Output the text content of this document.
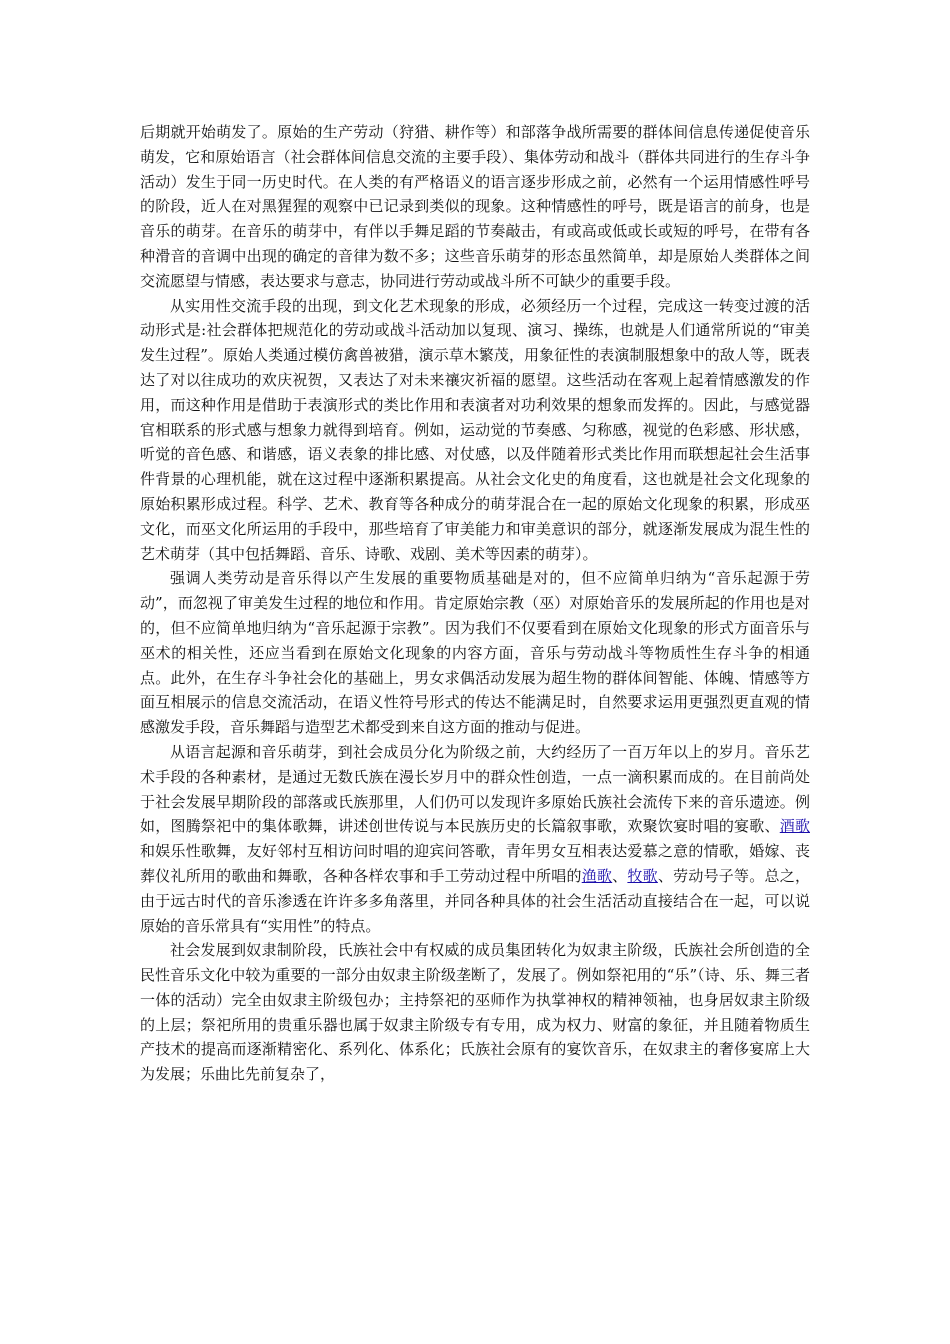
后期就开始萌发了。原始的生产劳动（狩猎、耕作等）和部落争战所需要的群体间信息传递促使音乐萌发，它和原始语言（社会群体间信息交流的主要手段）、集体劳动和战斗（群体共同进行的生存斗争活动）发生于同一历史时代。在人类的有严格语义的语言逐步形成之前，必然有一个运用情感性呼号的阶段，近人在对黑猩猩的观察中已记录到类似的现象。这种情感性的呼号，既是语言的前身，也是音乐的萌芽。在音乐的萌芽中，有伴以手舞足蹈的节奏敲击，有或高或低或长或短的呼号，在带有各种滑音的音调中出现的确定的音律为数不多；这些音乐萌芽的形态虽然简单，却是原始人类群体之间交流愿望与情感，表达要求与意志，协同进行劳动或战斗所不可缺少的重要手段。

从实用性交流手段的出现，到文化艺术现象的形成，必须经历一个过程，完成这一转变过渡的活动形式是:社会群体把规范化的劳动或战斗活动加以复现、演习、操练，也就是人们通常所说的“审美发生过程”。原始人类通过模仿禽兽被猎，演示草木繁茂，用象征性的表演制服想象中的敌人等，既表达了对以往成功的欢庆祝贺，又表达了对未来禳灾祈福的愿望。这些活动在客观上起着情感激发的作用，而这种作用是借助于表演形式的类比作用和表演者对功利效果的想象而发挥的。因此，与感觉器官相联系的形式感与想象力就得到培育。例如，运动觉的节奏感、匀称感，视觉的色彩感、形状感，听觉的音色感、和谐感，语义表象的排比感、对仗感，以及伴随着形式类比作用而联想起社会生活事件背景的心理机能，就在这过程中逐渐积累提高。从社会文化史的角度看，这也就是社会文化现象的原始积累形成过程。科学、艺术、教育等各种成分的萌芽混合在一起的原始文化现象的积累，形成巫文化，而巫文化所运用的手段中，那些培育了审美能力和审美意识的部分，就逐渐发展成为混生性的艺术萌芽（其中包括舞蹈、音乐、诗歌、戏剧、美术等因素的萌芽）。

强调人类劳动是音乐得以产生发展的重要物质基础是对的，但不应简单归纳为“音乐起源于劳动”，而忽视了审美发生过程的地位和作用。肯定原始宗教（巫）对原始音乐的发展所起的作用也是对的，但不应简单地归纳为“音乐起源于宗教”。因为我们不仅要看到在原始文化现象的形式方面音乐与巫术的相关性，还应当看到在原始文化现象的内容方面，音乐与劳动战斗等物质性生存斗争的相通点。此外，在生存斗争社会化的基础上，男女求偶活动发展为超生物的群体间智能、体魄、情感等方面互相展示的信息交流活动，在语义性符号形式的传达不能满足时，自然要求运用更强烈更直观的情感激发手段，音乐舞蹈与造型艺术都受到来自这方面的推动与促进。

从语言起源和音乐萌芽，到社会成员分化为阶级之前，大约经历了一百万年以上的岁月。音乐艺术手段的各种素材，是通过无数氏族在漫长岁月中的群众性创造，一点一滴积累而成的。在目前尚处于社会发展早期阶段的部落或氏族那里，人们仍可以发现许多原始氏族社会流传下来的音乐遗迹。例如，图腾祭祀中的集体歌舞，讲述创世传说与本民族历史的长篇叙事歌，欢聚饮宴时唱的宴歌、酒歌和娱乐性歌舞，友好邻村互相访问时唱的迎宾问答歌，青年男女互相表达爱慕之意的情歌，婚嫁、丧葬仪礼所用的歌曲和舞歌，各种各样农事和手工劳动过程中所唱的渔歌、牧歌、劳动号子等。总之，由于远古时代的音乐渗透在许许多多角落里，并同各种具体的社会生活活动直接结合在一起，可以说原始的音乐常具有“实用性”的特点。

社会发展到奴隶制阶段，氏族社会中有权威的成员集团转化为奴隶主阶级，氏族社会所创造的全民性音乐文化中较为重要的一部分由奴隶主阶级垄断了，发展了。例如祭祀用的“乐”（诗、乐、舞三者一体的活动）完全由奴隶主阶级包办；主持祭祀的巫师作为执掌神权的精神领袖，也身居奴隶主阶级的上层；祭祀所用的贵重乐器也属于奴隶主阶级专有专用，成为权力、财富的象征，并且随着物质生产技术的提高而逐渐精密化、系列化、体系化；氏族社会原有的宴饮音乐，在奴隶主的奢侈宴席上大为发展；乐曲比先前复杂了，
